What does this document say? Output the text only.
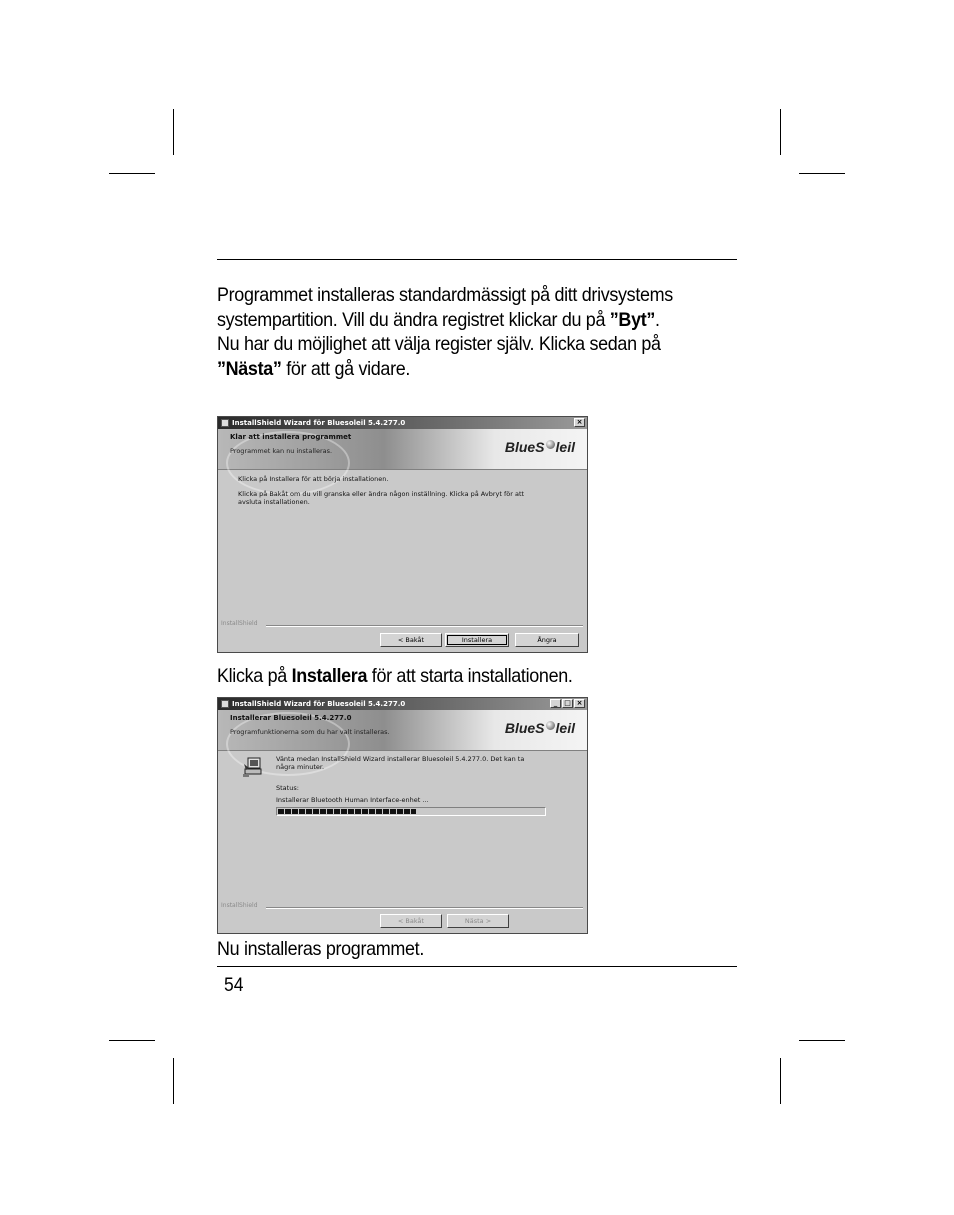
Programmet installeras standardmässigt på ditt drivsystems
systempartition. Vill du ändra registret klickar du på ”Byt”.
Nu har du möjlighet att välja register själv. Klicka sedan på
”Nästa” för att gå vidare.
InstallShield Wizard för Bluesoleil 5.4.277.0	×
Klar att installera programmet
Programmet kan nu installeras.	BlueS leil
Klicka på Installera för att börja installationen.
Klicka på Bakåt om du vill granska eller ändra någon inställning. Klicka på Avbryt för att
avsluta installationen.
InstallShield
< Bakåt	Installera	Ångra
Klicka på Installera för att starta installationen.
InstallShield Wizard för Bluesoleil 5.4.277.0	_ □ ×
Installerar Bluesoleil 5.4.277.0
Programfunktionerna som du har valt installeras.	BlueS leil
Vänta medan InstallShield Wizard installerar Bluesoleil 5.4.277.0. Det kan ta
några minuter.
Status:
Installerar Bluetooth Human Interface-enhet ...
InstallShield
< Bakåt	Nästa >
Nu installeras programmet.
54
